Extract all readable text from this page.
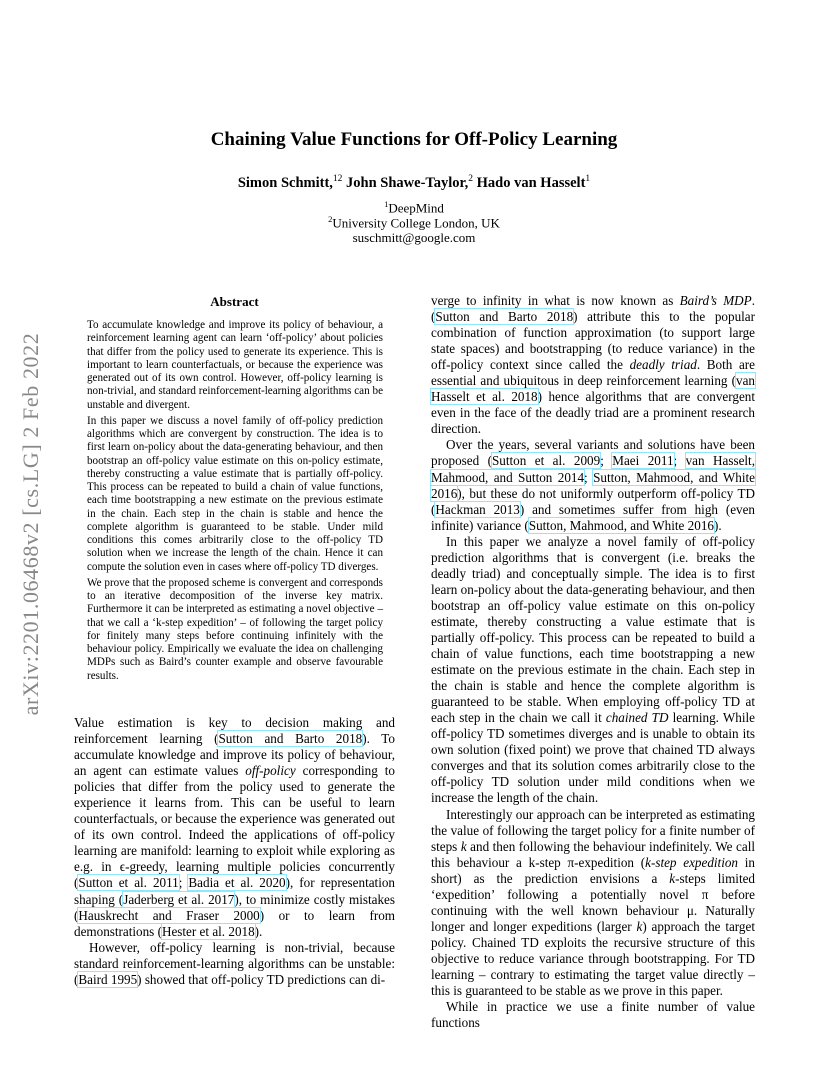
Chaining Value Functions for Off-Policy Learning
Simon Schmitt,$^{12}$ John Shawe-Taylor,$^2$ Hado van Hasselt$^1$
$^1$DeepMind
$^2$University College London, UK
suschmitt@google.com
arXiv:2201.06468v2 [cs.LG] 2 Feb 2022
Abstract

To accumulate knowledge and improve its policy of behaviour, a reinforcement learning agent can learn ‘off-policy’ about policies that differ from the policy used to generate its experience. This is important to learn counterfactuals, or because the experience was generated out of its own control. However, off-policy learning is non-trivial, and standard reinforcement-learning algorithms can be unstable and divergent.

In this paper we discuss a novel family of off-policy prediction algorithms which are convergent by construction. The idea is to first learn on-policy about the data-generating behaviour, and then bootstrap an off-policy value estimate on this on-policy estimate, thereby constructing a value estimate that is partially off-policy. This process can be repeated to build a chain of value functions, each time bootstrapping a new estimate on the previous estimate in the chain. Each step in the chain is stable and hence the complete algorithm is guaranteed to be stable. Under mild conditions this comes arbitrarily close to the off-policy TD solution when we increase the length of the chain. Hence it can compute the solution even in cases where off-policy TD diverges.

We prove that the proposed scheme is convergent and corresponds to an iterative decomposition of the inverse key matrix. Furthermore it can be interpreted as estimating a novel objective – that we call a ‘k-step expedition’ – of following the target policy for finitely many steps before continuing infinitely with the behaviour policy. Empirically we evaluate the idea on challenging MDPs such as Baird’s counter example and observe favourable results.

Value estimation is key to decision making and reinforcement learning (Sutton and Barto 2018). To accumulate knowledge and improve its policy of behaviour, an agent can estimate values off-policy corresponding to policies that differ from the policy used to generate the experience it learns from. This can be useful to learn counterfactuals, or because the experience was generated out of its own control. Indeed the applications of off-policy learning are manifold: learning to exploit while exploring as e.g. in ϵ-greedy, learning multiple policies concurrently (Sutton et al. 2011; Badia et al. 2020), for representation shaping (Jaderberg et al. 2017), to minimize costly mistakes (Hauskrecht and Fraser 2000) or to learn from demonstrations (Hester et al. 2018).

However, off-policy learning is non-trivial, because standard reinforcement-learning algorithms can be unstable: (Baird 1995) showed that off-policy TD predictions can di-

verge to infinity in what is now known as Baird’s MDP. (Sutton and Barto 2018) attribute this to the popular combination of function approximation (to support large state spaces) and bootstrapping (to reduce variance) in the off-policy context since called the deadly triad. Both are essential and ubiquitous in deep reinforcement learning (van Hasselt et al. 2018) hence algorithms that are convergent even in the face of the deadly triad are a prominent research direction.

Over the years, several variants and solutions have been proposed (Sutton et al. 2009; Maei 2011; van Hasselt, Mahmood, and Sutton 2014; Sutton, Mahmood, and White 2016), but these do not uniformly outperform off-policy TD (Hackman 2013) and sometimes suffer from high (even infinite) variance (Sutton, Mahmood, and White 2016).

In this paper we analyze a novel family of off-policy prediction algorithms that is convergent (i.e. breaks the deadly triad) and conceptually simple. The idea is to first learn on-policy about the data-generating behaviour, and then bootstrap an off-policy value estimate on this on-policy estimate, thereby constructing a value estimate that is partially off-policy. This process can be repeated to build a chain of value functions, each time bootstrapping a new estimate on the previous estimate in the chain. Each step in the chain is stable and hence the complete algorithm is guaranteed to be stable. When employing off-policy TD at each step in the chain we call it chained TD learning. While off-policy TD sometimes diverges and is unable to obtain its own solution (fixed point) we prove that chained TD always converges and that its solution comes arbitrarily close to the off-policy TD solution under mild conditions when we increase the length of the chain.

Interestingly our approach can be interpreted as estimating the value of following the target policy for a finite number of steps k and then following the behaviour indefinitely. We call this behaviour a k-step π-expedition (k-step expedition in short) as the prediction envisions a k-steps limited ‘expedition’ following a potentially novel π before continuing with the well known behaviour μ. Naturally longer and longer expeditions (larger k) approach the target policy. Chained TD exploits the recursive structure of this objective to reduce variance through bootstrapping. For TD learning – contrary to estimating the target value directly – this is guaranteed to be stable as we prove in this paper.

While in practice we use a finite number of value functions
